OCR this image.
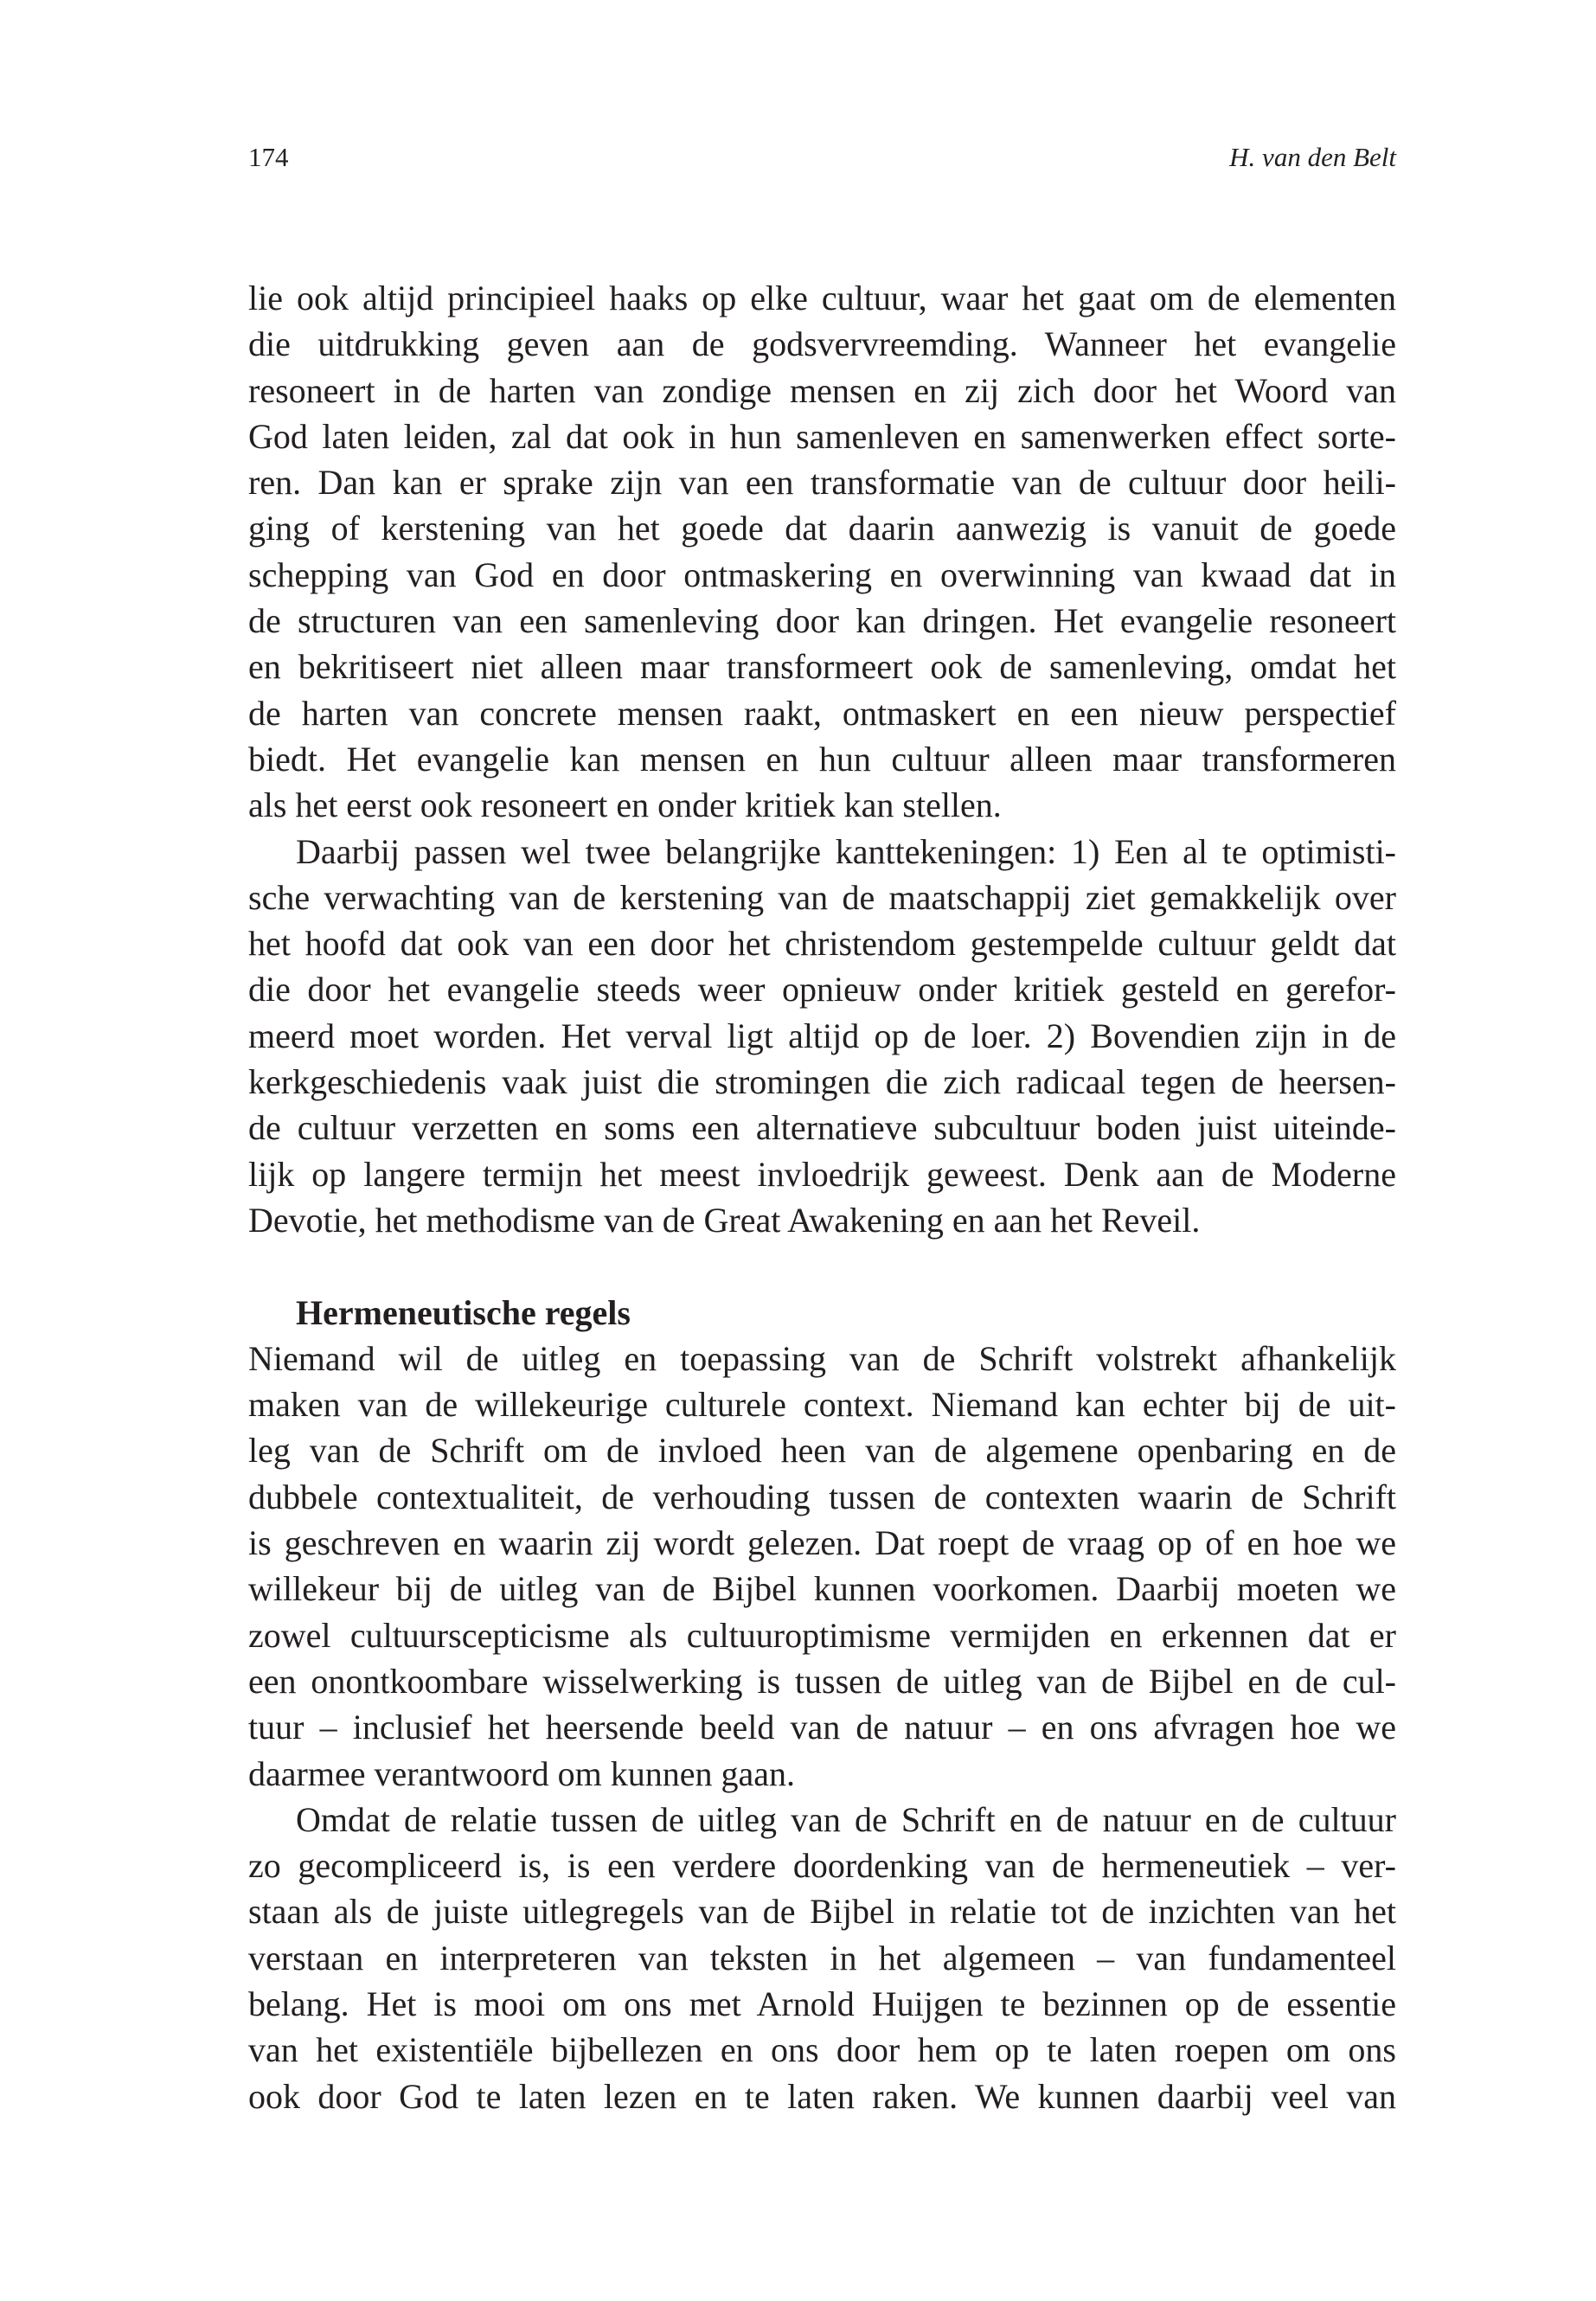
174	H. van den Belt
lie ook altijd principieel haaks op elke cultuur, waar het gaat om de elementen
die uitdrukking geven aan de godsvervreemding. Wanneer het evangelie
resoneert in de harten van zondige mensen en zij zich door het Woord van
God laten leiden, zal dat ook in hun samenleven en samenwerken effect sorte-
ren. Dan kan er sprake zijn van een transformatie van de cultuur door heili-
ging of kerstening van het goede dat daarin aanwezig is vanuit de goede
schepping van God en door ontmaskering en overwinning van kwaad dat in
de structuren van een samenleving door kan dringen. Het evangelie resoneert
en bekritiseert niet alleen maar transformeert ook de samenleving, omdat het
de harten van concrete mensen raakt, ontmaskert en een nieuw perspectief
biedt. Het evangelie kan mensen en hun cultuur alleen maar transformeren
als het eerst ook resoneert en onder kritiek kan stellen.
Daarbij passen wel twee belangrijke kanttekeningen: 1) Een al te optimisti-
sche verwachting van de kerstening van de maatschappij ziet gemakkelijk over
het hoofd dat ook van een door het christendom gestempelde cultuur geldt dat
die door het evangelie steeds weer opnieuw onder kritiek gesteld en gerefor-
meerd moet worden. Het verval ligt altijd op de loer. 2) Bovendien zijn in de
kerkgeschiedenis vaak juist die stromingen die zich radicaal tegen de heersen-
de cultuur verzetten en soms een alternatieve subcultuur boden juist uiteinde-
lijk op langere termijn het meest invloedrijk geweest. Denk aan de Moderne
Devotie, het methodisme van de Great Awakening en aan het Reveil.
Hermeneutische regels
Niemand wil de uitleg en toepassing van de Schrift volstrekt afhankelijk
maken van de willekeurige culturele context. Niemand kan echter bij de uit-
leg van de Schrift om de invloed heen van de algemene openbaring en de
dubbele contextualiteit, de verhouding tussen de contexten waarin de Schrift
is geschreven en waarin zij wordt gelezen. Dat roept de vraag op of en hoe we
willekeur bij de uitleg van de Bijbel kunnen voorkomen. Daarbij moeten we
zowel cultuurscepticisme als cultuuroptimisme vermijden en erkennen dat er
een onontkoombare wisselwerking is tussen de uitleg van de Bijbel en de cul-
tuur – inclusief het heersende beeld van de natuur – en ons afvragen hoe we
daarmee verantwoord om kunnen gaan.
Omdat de relatie tussen de uitleg van de Schrift en de natuur en de cultuur
zo gecompliceerd is, is een verdere doordenking van de hermeneutiek – ver-
staan als de juiste uitlegregels van de Bijbel in relatie tot de inzichten van het
verstaan en interpreteren van teksten in het algemeen – van fundamenteel
belang. Het is mooi om ons met Arnold Huijgen te bezinnen op de essentie
van het existentiële bijbellezen en ons door hem op te laten roepen om ons
ook door God te laten lezen en te laten raken. We kunnen daarbij veel van
